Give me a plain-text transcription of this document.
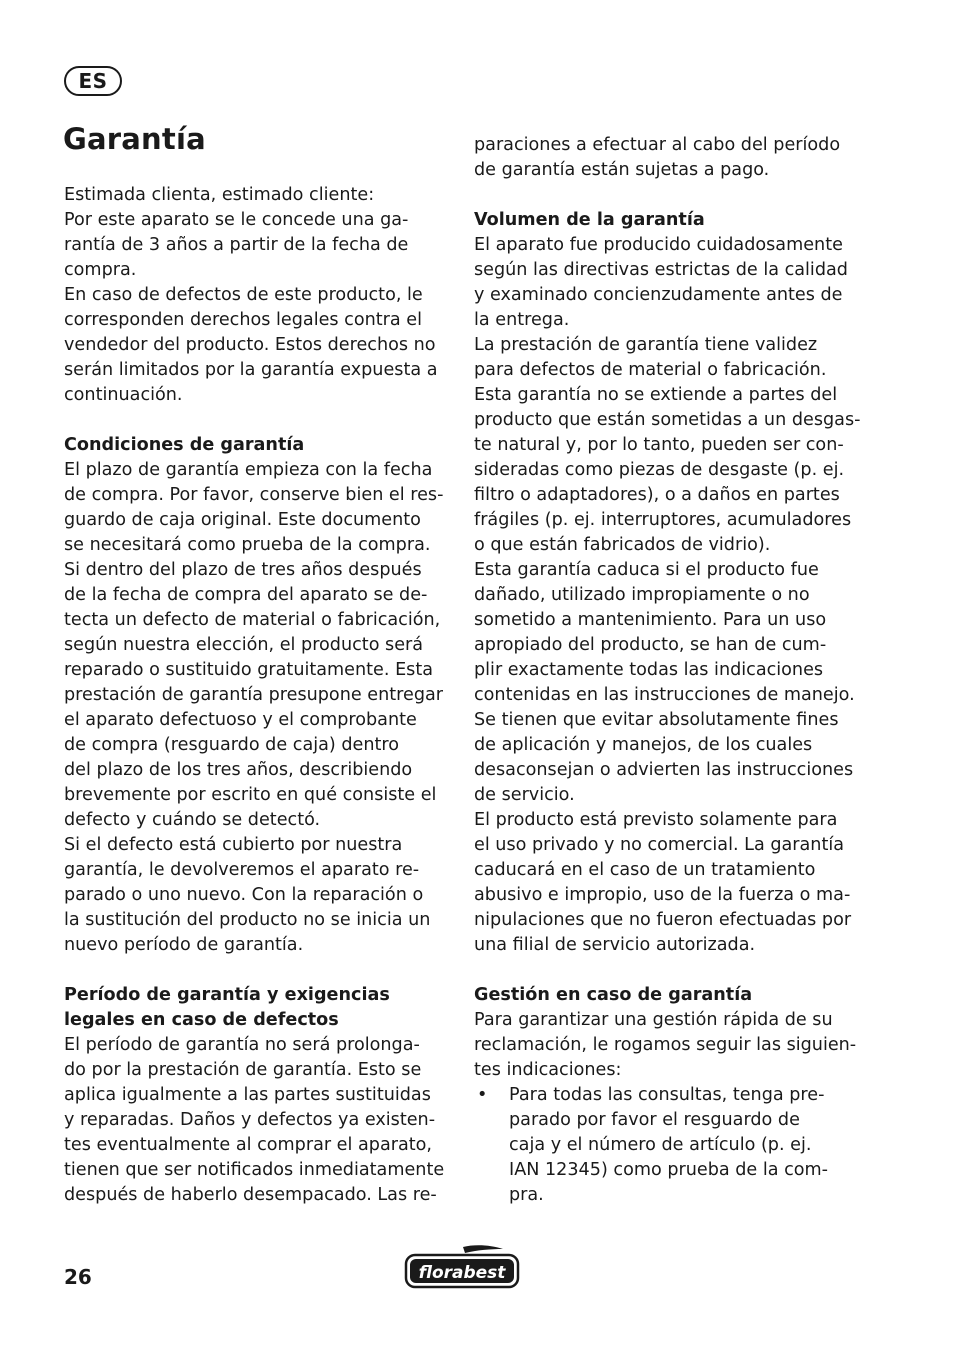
ES
Garantía
Estimada clienta, estimado cliente:
Por este aparato se le concede una ga-
rantía de 3 años a partir de la fecha de
compra.
En caso de defectos de este producto, le
corresponden derechos legales contra el
vendedor del producto. Estos derechos no
serán limitados por la garantía expuesta a
continuación.
Condiciones de garantía
El plazo de garantía empieza con la fecha
de compra. Por favor, conserve bien el res-
guardo de caja original. Este documento
se necesitará como prueba de la compra.
Si dentro del plazo de tres años después
de la fecha de compra del aparato se de-
tecta un defecto de material o fabricación,
según nuestra elección, el producto será
reparado o sustituido gratuitamente. Esta
prestación de garantía presupone entregar
el aparato defectuoso y el comprobante
de compra (resguardo de caja) dentro
del plazo de los tres años, describiendo
brevemente por escrito en qué consiste el
defecto y cuándo se detectó.
Si el defecto está cubierto por nuestra
garantía, le devolveremos el aparato re-
parado o uno nuevo. Con la reparación o
la sustitución del producto no se inicia un
nuevo período de garantía.
Período de garantía y exigencias
legales en caso de defectos
El período de garantía no será prolonga-
do por la prestación de garantía. Esto se
aplica igualmente a las partes sustituidas
y reparadas. Daños y defectos ya existen-
tes eventualmente al comprar el aparato,
tienen que ser notificados inmediatamente
después de haberlo desempacado. Las re-
paraciones a efectuar al cabo del período
de garantía están sujetas a pago.
Volumen de la garantía
El aparato fue producido cuidadosamente
según las directivas estrictas de la calidad
y examinado concienzudamente antes de
la entrega.
La prestación de garantía tiene validez
para defectos de material o fabricación.
Esta garantía no se extiende a partes del
producto que están sometidas a un desgas-
te natural y, por lo tanto, pueden ser con-
sideradas como piezas de desgaste (p. ej.
filtro o adaptadores), o a daños en partes
frágiles (p. ej. interruptores, acumuladores
o que están fabricados de vidrio).
Esta garantía caduca si el producto fue
dañado, utilizado impropiamente o no
sometido a mantenimiento. Para un uso
apropiado del producto, se han de cum-
plir exactamente todas las indicaciones
contenidas en las instrucciones de manejo.
Se tienen que evitar absolutamente fines
de aplicación y manejos, de los cuales
desaconsejan o advierten las instrucciones
de servicio.
El producto está previsto solamente para
el uso privado y no comercial. La garantía
caducará en el caso de un tratamiento
abusivo e impropio, uso de la fuerza o ma-
nipulaciones que no fueron efectuadas por
una filial de servicio autorizada.
Gestión en caso de garantía
Para garantizar una gestión rápida de su
reclamación, le rogamos seguir las siguien-
tes indicaciones:
• Para todas las consultas, tenga pre-
parado por favor el resguardo de
caja y el número de artículo (p. ej.
IAN 12345) como prueba de la com-
pra.
26	florabest
